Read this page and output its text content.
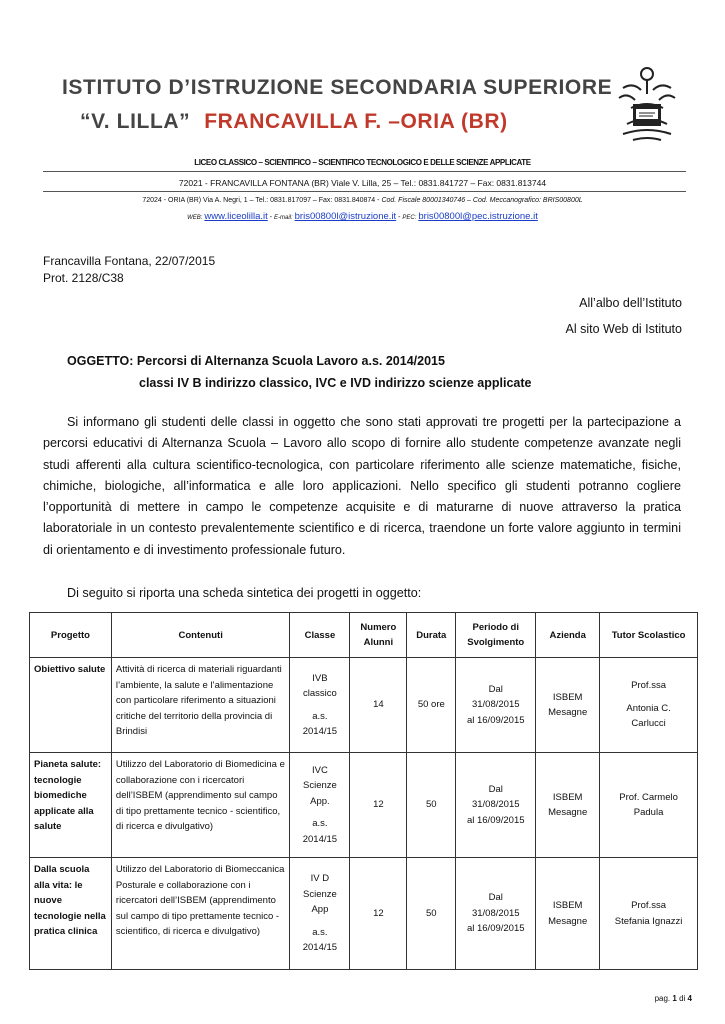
ISTITUTO D’ISTRUZIONE SECONDARIA SUPERIORE
“V. LILLA” FRANCAVILLA F. –ORIA (BR)
LICEO CLASSICO – SCIENTIFICO – SCIENTIFICO TECNOLOGICO E DELLE SCIENZE APPLICATE
72021 - FRANCAVILLA FONTANA (BR) Viale V. Lilla, 25 – Tel.: 0831.841727 – Fax: 0831.813744
72024 - ORIA (BR) Via A. Negri, 1 – Tel.: 0831.817097 – Fax: 0831.840874 - Cod. Fiscale 80001340746 – Cod. Meccanografico: BRIS00800L
WEB: www.liceolilla.it - E-mail: bris00800l@istruzione.it - PEC: bris00800l@pec.istruzione.it
Francavilla Fontana, 22/07/2015
Prot. 2128/C38
All’albo dell’Istituto
Al sito Web di Istituto
OGGETTO: Percorsi di Alternanza Scuola Lavoro a.s. 2014/2015
classi IV B indirizzo classico, IVC e IVD indirizzo scienze applicate
Si informano gli studenti delle classi in oggetto che sono stati approvati tre progetti per la partecipazione a percorsi educativi di Alternanza Scuola – Lavoro allo scopo di fornire allo studente competenze avanzate negli studi afferenti alla cultura scientifico-tecnologica, con particolare riferimento alle scienze matematiche, fisiche, chimiche, biologiche, all’informatica e alle loro applicazioni. Nello specifico gli studenti potranno cogliere l’opportunità di mettere in campo le competenze acquisite e di maturarne di nuove attraverso la pratica laboratoriale in un contesto prevalentemente scientifico e di ricerca, traendone un forte valore aggiunto in termini di orientamento e di investimento professionale futuro.
Di seguito si riporta una scheda sintetica dei progetti in oggetto:
Progetto	Contenuti	Classe	Numero Alunni	Durata	Periodo di Svolgimento	Azienda	Tutor Scolastico
Obiettivo salute	Attività di ricerca di materiali riguardanti l’ambiente, la salute e l’alimentazione con particolare riferimento a situazioni critiche del territorio della provincia di Brindisi	IVB
classico
a.s.
2014/15	14	50 ore	Dal
31/08/2015
al 16/09/2015	ISBEM
Mesagne	Prof.ssa
Antonia C.
Carlucci

Pianeta salute: tecnologie biomediche applicate alla salute	Utilizzo del Laboratorio di Biomedicina e collaborazione con i ricercatori dell’ISBEM (apprendimento sul campo di tipo prettamente tecnico - scientifico, di ricerca e divulgativo)	IVC
Scienze
App.
a.s.
2014/15	12	50	Dal
31/08/2015
al 16/09/2015	ISBEM
Mesagne	Prof. Carmelo
Padula

Dalla scuola alla vita: le nuove tecnologie nella pratica clinica	Utilizzo del Laboratorio di Biomeccanica Posturale e collaborazione con i ricercatori dell’ISBEM (apprendimento sul campo di tipo prettamente tecnico - scientifico, di ricerca e divulgativo)	IV D
Scienze
App
a.s.
2014/15	12	50	Dal
31/08/2015
al 16/09/2015	ISBEM
Mesagne	Prof.ssa
Stefania Ignazzi
pag. 1 di 4
